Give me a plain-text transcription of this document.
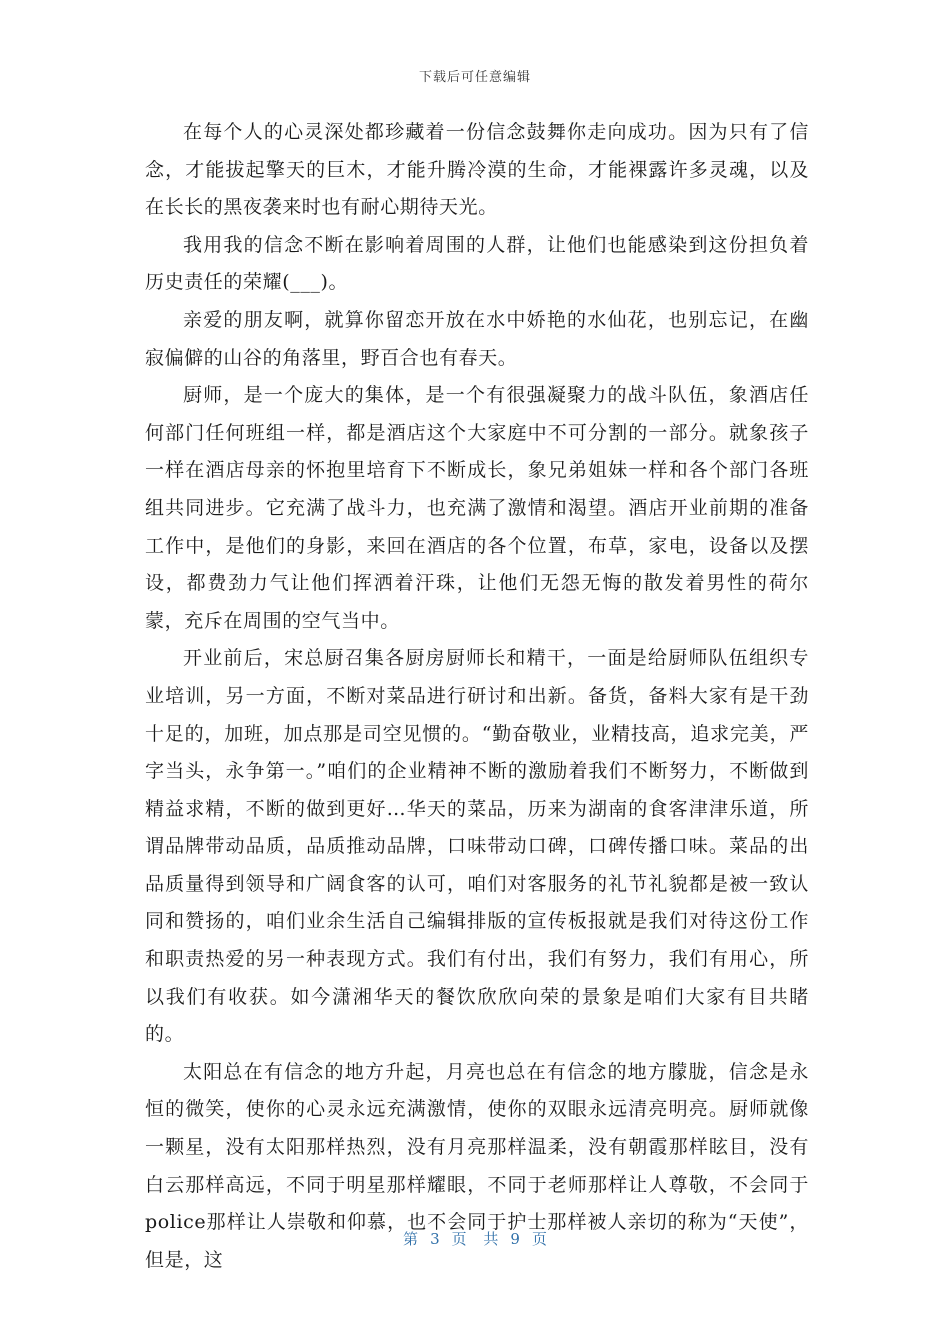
下载后可任意编辑

在每个人的心灵深处都珍藏着一份信念鼓舞你走向成功。因为只有了信念，才能拔起擎天的巨木，才能升腾冷漠的生命，才能裸露许多灵魂，以及在长长的黑夜袭来时也有耐心期待天光。

我用我的信念不断在影响着周围的人群，让他们也能感染到这份担负着历史责任的荣耀(___)。

亲爱的朋友啊，就算你留恋开放在水中娇艳的水仙花，也别忘记，在幽寂偏僻的山谷的角落里，野百合也有春天。

厨师，是一个庞大的集体，是一个有很强凝聚力的战斗队伍，象酒店任何部门任何班组一样，都是酒店这个大家庭中不可分割的一部分。就象孩子一样在酒店母亲的怀抱里培育下不断成长，象兄弟姐妹一样和各个部门各班组共同进步。它充满了战斗力，也充满了激情和渴望。酒店开业前期的准备工作中，是他们的身影，来回在酒店的各个位置，布草，家电，设备以及摆设，都费劲力气让他们挥洒着汗珠，让他们无怨无悔的散发着男性的荷尔蒙，充斥在周围的空气当中。

开业前后，宋总厨召集各厨房厨师长和精干，一面是给厨师队伍组织专业培训，另一方面，不断对菜品进行研讨和出新。备货，备料大家有是干劲十足的，加班，加点那是司空见惯的。“勤奋敬业，业精技高，追求完美，严字当头，永争第一。”咱们的企业精神不断的激励着我们不断努力，不断做到精益求精，不断的做到更好…华天的菜品，历来为湖南的食客津津乐道，所谓品牌带动品质，品质推动品牌，口味带动口碑，口碑传播口味。菜品的出品质量得到领导和广阔食客的认可，咱们对客服务的礼节礼貌都是被一致认同和赞扬的，咱们业余生活自己编辑排版的宣传板报就是我们对待这份工作和职责热爱的另一种表现方式。我们有付出，我们有努力，我们有用心，所以我们有收获。如今潇湘华天的餐饮欣欣向荣的景象是咱们大家有目共睹的。

太阳总在有信念的地方升起，月亮也总在有信念的地方朦胧，信念是永恒的微笑，使你的心灵永远充满激情，使你的双眼永远清亮明亮。厨师就像一颗星，没有太阳那样热烈，没有月亮那样温柔，没有朝霞那样眩目，没有白云那样高远，不同于明星那样耀眼，不同于老师那样让人尊敬，不会同于police那样让人崇敬和仰慕，也不会同于护士那样被人亲切的称为“天使”，但是，这

第 3 页 共 9 页
